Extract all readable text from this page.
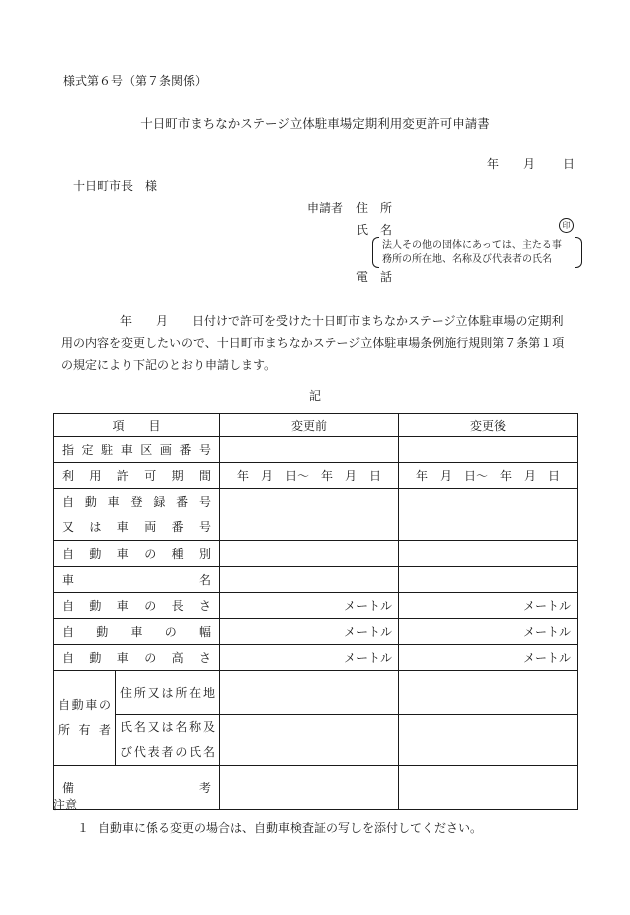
様式第６号（第７条関係）
十日町市まちなかステージ立体駐車場定期利用変更許可申請書
年 月 日
十日町市長　様
申請者 住　所
氏　名	印
法人その他の団体にあっては、主たる事
務所の所在地、名称及び代表者の氏名
電　話
年　　月　　日付けで許可を受けた十日町市まちなかステージ立体駐車場の定期利
用の内容を変更したいので、十日町市まちなかステージ立体駐車場条例施行規則第７条第１項
の規定により下記のとおり申請します。
記
項　　目		変更前	変更後
指定駐車区画番号			
利用許可期間		年　月　日～　年　月　日	年　月　日～　年　月　日

自動車登録番号
又は車両番号			

自動車の種別			
車名			
自動車の長さ		メートル	メートル
自動車の幅		メートル	メートル
自動車の高さ		メートル	メートル

自動車の
所有者	住所又は所在地		

	氏名又は名称及
び代表者の氏名		

備考			
注意
１ 自動車に係る変更の場合は、自動車検査証の写しを添付してください。
